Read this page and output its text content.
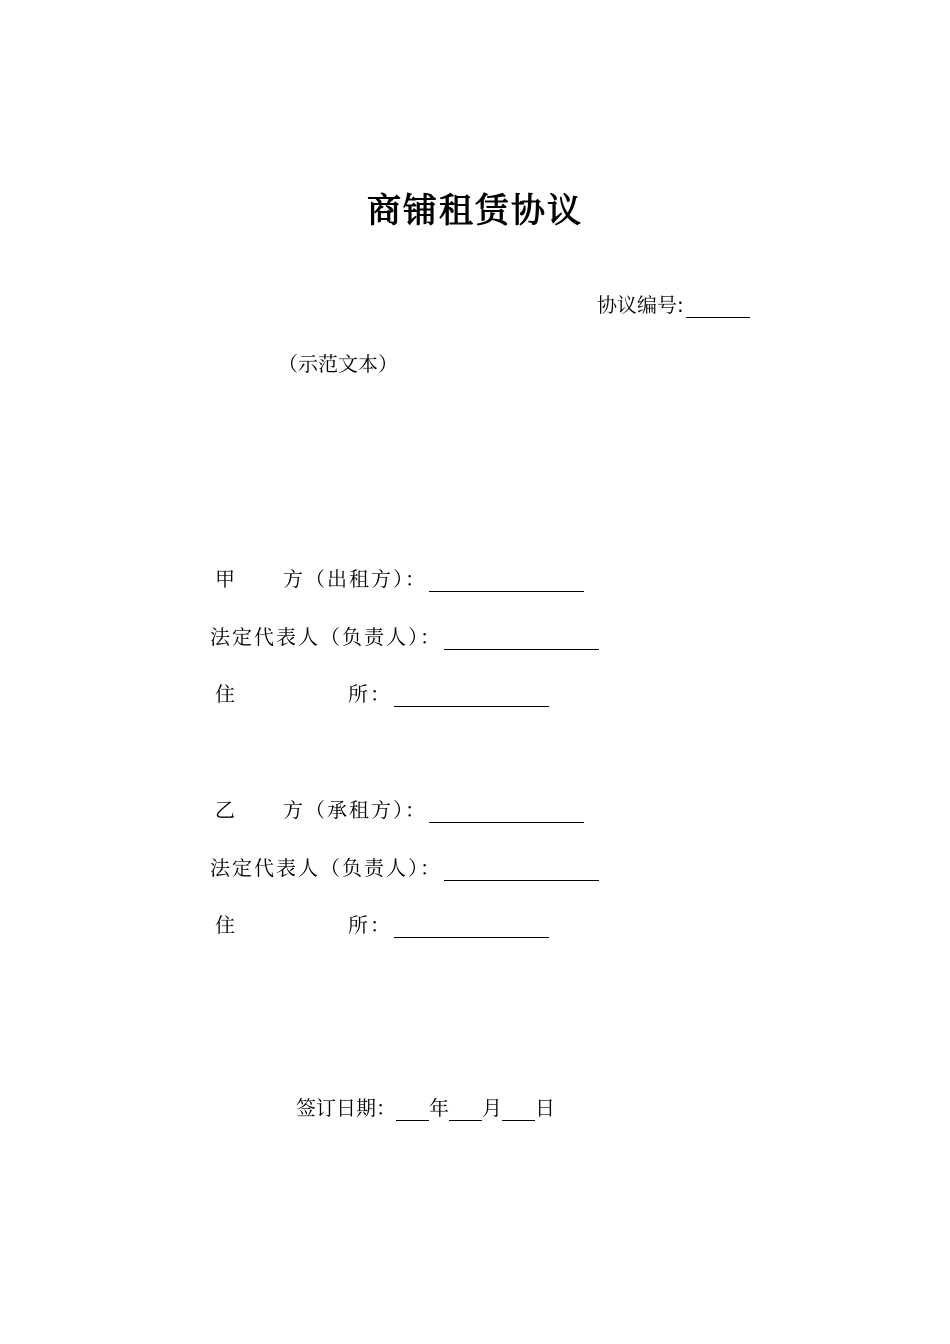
商铺租赁协议
协议编号:
（示范文本）
甲 方（出租方）：
法定代表人（负责人）：
住	所：
乙 方（承租方）：
法定代表人（负责人）：
住	所：
签订日期： 年 月 日
